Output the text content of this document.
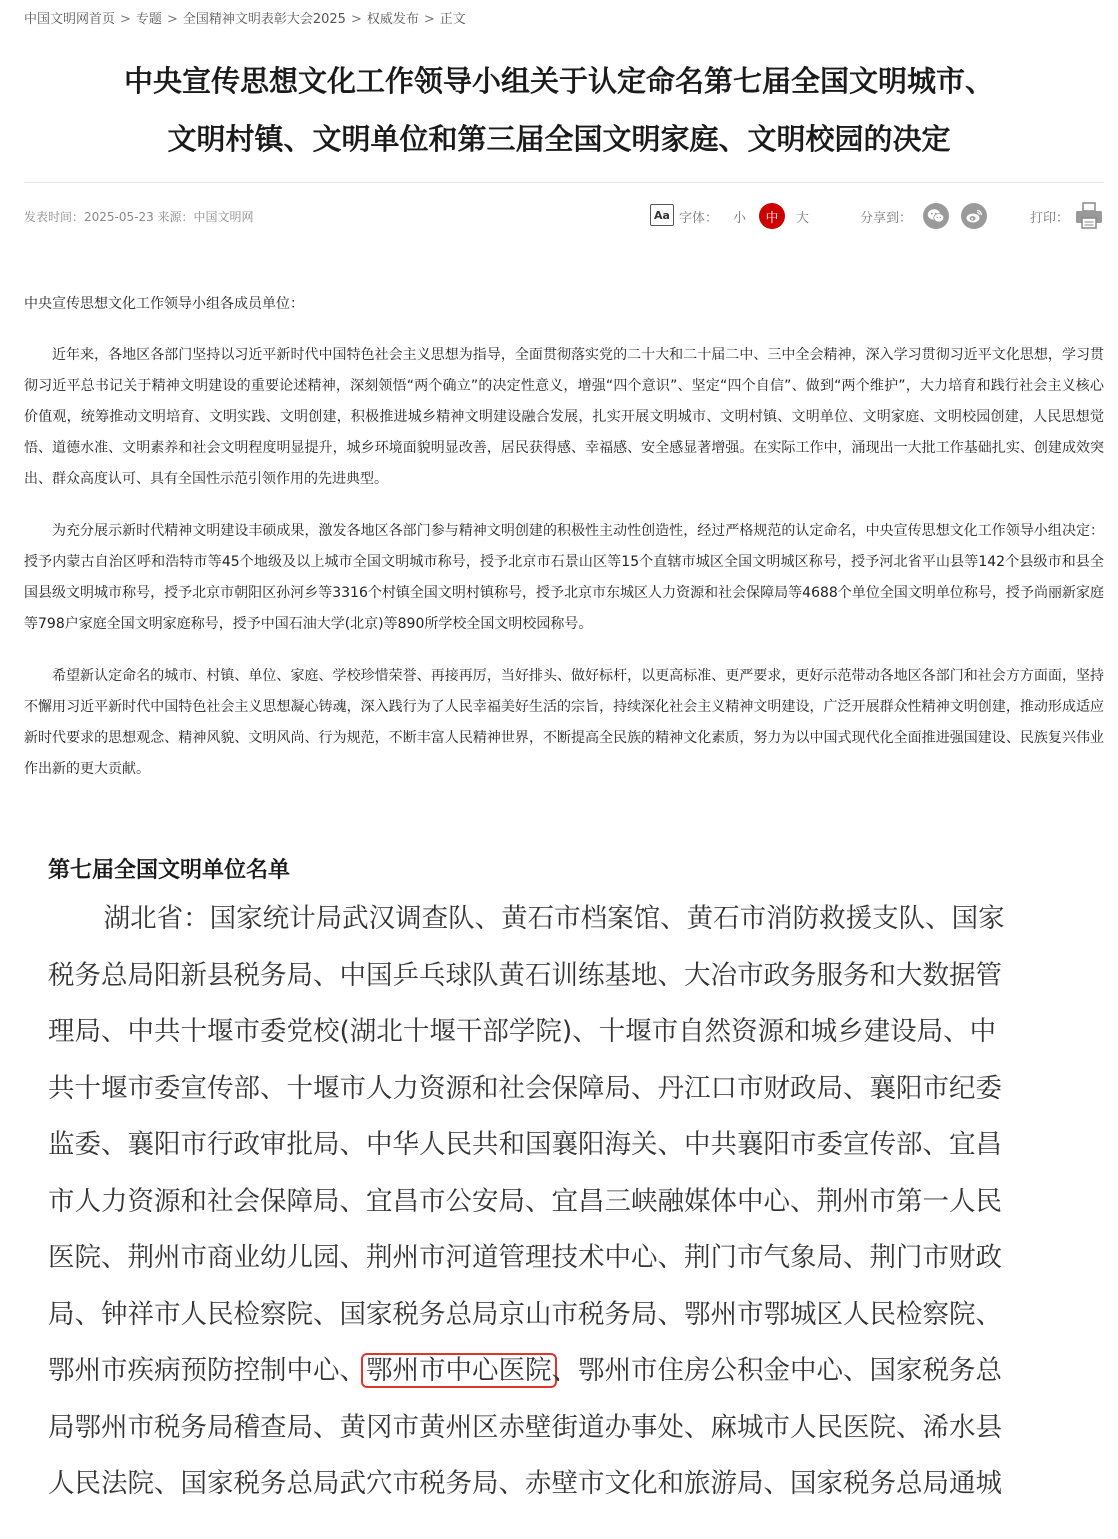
中国文明网首页 > 专题 > 全国精神文明表彰大会2025 > 权威发布 > 正文
中央宣传思想文化工作领导小组关于认定命名第七届全国文明城市、
文明村镇、文明单位和第三届全国文明家庭、文明校园的决定
发表时间：2025-05-23 来源：中国文明网	Aa 字体： 小	中	大	分享到：	打印：

中央宣传思想文化工作领导小组各成员单位：

近年来，各地区各部门坚持以习近平新时代中国特色社会主义思想为指导，全面贯彻落实党的二十大和二十届二中、三中全会精神，深入学习贯彻习近平文化思想，学习贯彻习近平总书记关于精神文明建设的重要论述精神，深刻领悟“两个确立”的决定性意义，增强“四个意识”、坚定“四个自信”、做到“两个维护”，大力培育和践行社会主义核心价值观，统筹推动文明培育、文明实践、文明创建，积极推进城乡精神文明建设融合发展，扎实开展文明城市、文明村镇、文明单位、文明家庭、文明校园创建，人民思想觉悟、道德水准、文明素养和社会文明程度明显提升，城乡环境面貌明显改善，居民获得感、幸福感、安全感显著增强。在实际工作中，涌现出一大批工作基础扎实、创建成效突出、群众高度认可、具有全国性示范引领作用的先进典型。

为充分展示新时代精神文明建设丰硕成果，激发各地区各部门参与精神文明创建的积极性主动性创造性，经过严格规范的认定命名，中央宣传思想文化工作领导小组决定：授予内蒙古自治区呼和浩特市等45个地级及以上城市全国文明城市称号，授予北京市石景山区等15个直辖市城区全国文明城区称号，授予河北省平山县等142个县级市和县全国县级文明城市称号，授予北京市朝阳区孙河乡等3316个村镇全国文明村镇称号，授予北京市东城区人力资源和社会保障局等4688个单位全国文明单位称号，授予尚丽新家庭等798户家庭全国文明家庭称号，授予中国石油大学(北京)等890所学校全国文明校园称号。

希望新认定命名的城市、村镇、单位、家庭、学校珍惜荣誉、再接再厉，当好排头、做好标杆，以更高标准、更严要求，更好示范带动各地区各部门和社会方方面面，坚持不懈用习近平新时代中国特色社会主义思想凝心铸魂，深入践行为了人民幸福美好生活的宗旨，持续深化社会主义精神文明建设，广泛开展群众性精神文明创建，推动形成适应新时代要求的思想观念、精神风貌、文明风尚、行为规范，不断丰富人民精神世界，不断提高全民族的精神文化素质，努力为以中国式现代化全面推进强国建设、民族复兴伟业作出新的更大贡献。

第七届全国文明单位名单
湖北省：国家统计局武汉调查队、黄石市档案馆、黄石市消防救援支队、国家
税务总局阳新县税务局、中国乒乓球队黄石训练基地、大冶市政务服务和大数据管
理局、中共十堰市委党校(湖北十堰干部学院)、十堰市自然资源和城乡建设局、中
共十堰市委宣传部、十堰市人力资源和社会保障局、丹江口市财政局、襄阳市纪委
监委、襄阳市行政审批局、中华人民共和国襄阳海关、中共襄阳市委宣传部、宜昌
市人力资源和社会保障局、宜昌市公安局、宜昌三峡融媒体中心、荆州市第一人民
医院、荆州市商业幼儿园、荆州市河道管理技术中心、荆门市气象局、荆门市财政
局、钟祥市人民检察院、国家税务总局京山市税务局、鄂州市鄂城区人民检察院、
鄂州市疾病预防控制中心、鄂州市中心医院、鄂州市住房公积金中心、国家税务总
局鄂州市税务局稽查局、黄冈市黄州区赤壁街道办事处、麻城市人民医院、浠水县
人民法院、国家税务总局武穴市税务局、赤壁市文化和旅游局、国家税务总局通城
